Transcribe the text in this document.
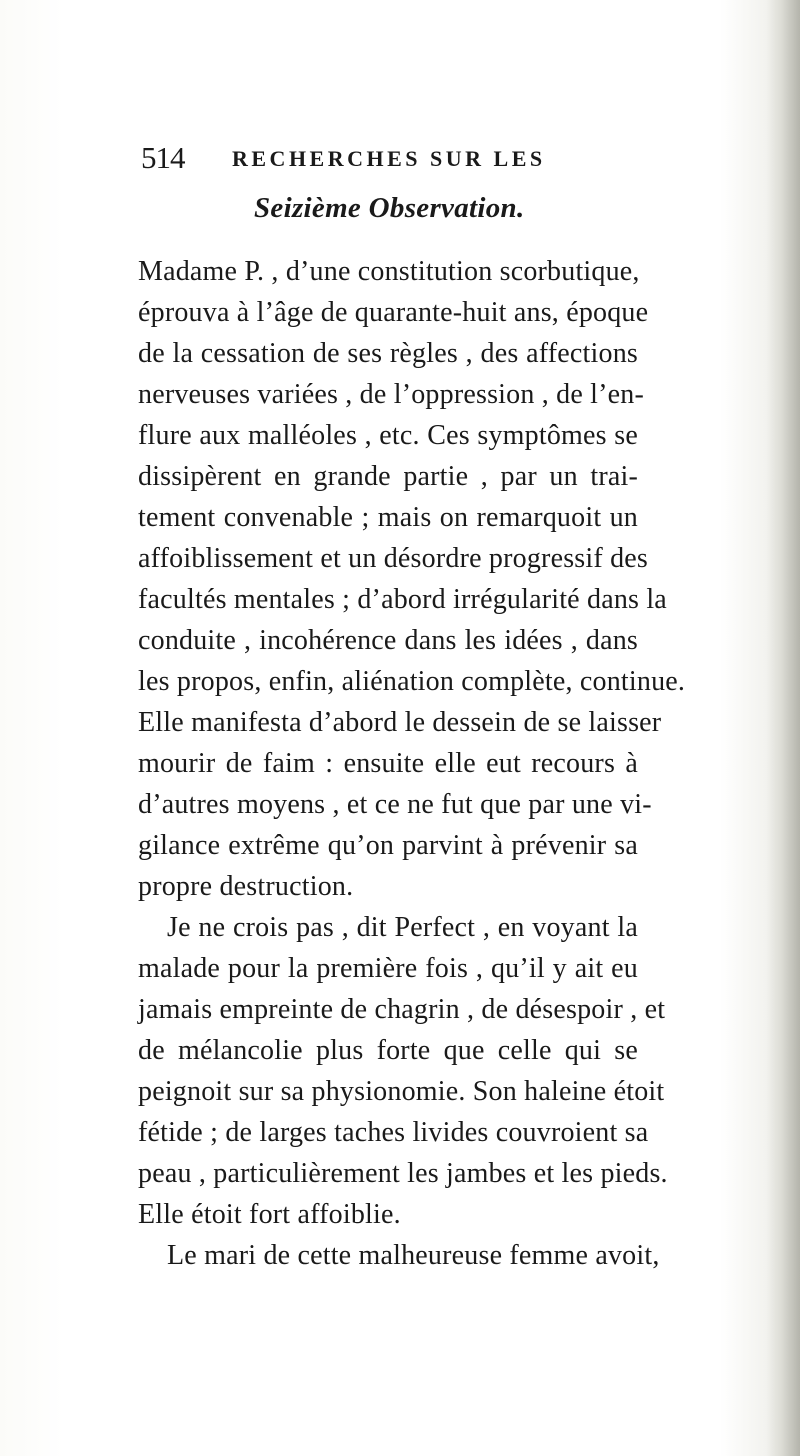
514 RECHERCHES SUR LES
Seizième Observation.
Madame P. , d’une constitution scorbutique,
éprouva à l’âge de quarante-huit ans, époque
de la cessation de ses règles , des affections
nerveuses variées , de l’oppression , de l’en-
flure aux malléoles , etc. Ces symptômes se
dissipèrent en grande partie , par un trai-
tement convenable ; mais on remarquoit un
affoiblissement et un désordre progressif des
facultés mentales ; d’abord irrégularité dans la
conduite , incohérence dans les idées , dans
les propos, enfin, aliénation complète, continue.
Elle manifesta d’abord le dessein de se laisser
mourir de faim : ensuite elle eut recours à
d’autres moyens , et ce ne fut que par une vi-
gilance extrême qu’on parvint à prévenir sa
propre destruction.
Je ne crois pas , dit Perfect , en voyant la
malade pour la première fois , qu’il y ait eu
jamais empreinte de chagrin , de désespoir , et
de mélancolie plus forte que celle qui se
peignoit sur sa physionomie. Son haleine étoit
fétide ; de larges taches livides couvroient sa
peau , particulièrement les jambes et les pieds.
Elle étoit fort affoiblie.
Le mari de cette malheureuse femme avoit,
